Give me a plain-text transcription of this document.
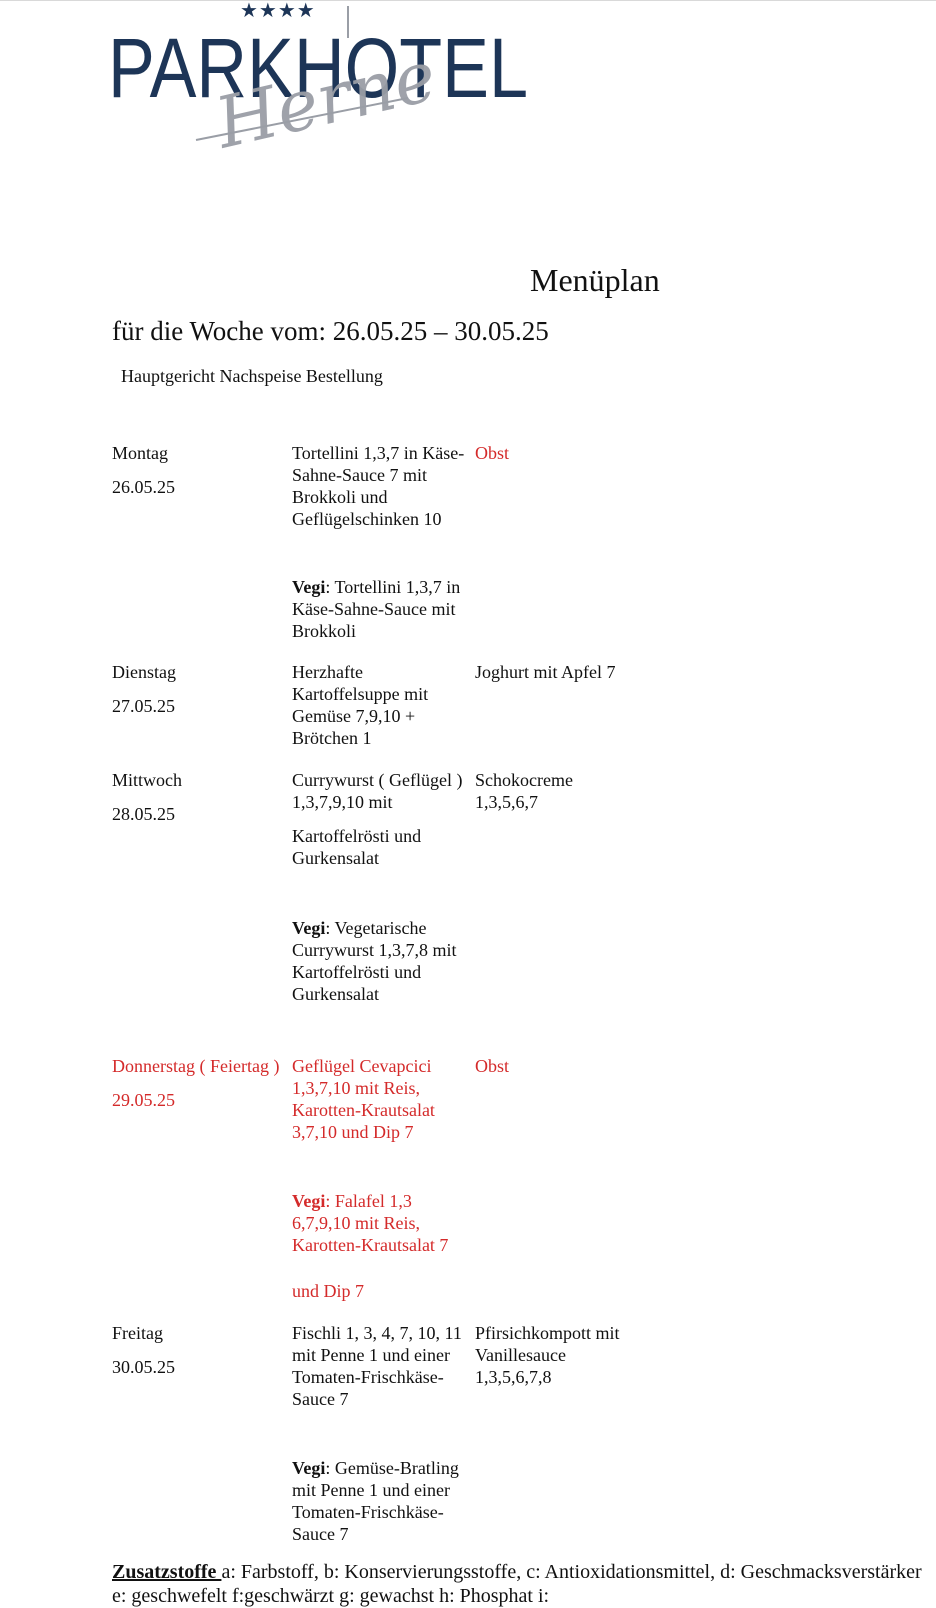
★★★★
PARKHOTEL
Herne
Menüplan
für die Woche vom: 26.05.25 – 30.05.25
Hauptgericht Nachspeise Bestellung
Montag
26.05.25
Tortellini 1,3,7 in Käse-Sahne-Sauce 7 mit Brokkoli und Geflügelschinken 10
Obst
Vegi: Tortellini 1,3,7 in Käse-Sahne-Sauce mit Brokkoli
Dienstag
27.05.25
Herzhafte Kartoffelsuppe mit Gemüse 7,9,10 + Brötchen 1
Joghurt mit Apfel 7
Mittwoch
28.05.25
Currywurst ( Geflügel ) 1,3,7,9,10 mit
Kartoffelrösti und Gurkensalat
Schokocreme 1,3,5,6,7
Vegi: Vegetarische Currywurst 1,3,7,8 mit Kartoffelrösti und Gurkensalat
Donnerstag ( Feiertag )
29.05.25
Geflügel Cevapcici 1,3,7,10 mit Reis, Karotten-Krautsalat 3,7,10 und Dip 7
Obst
Vegi: Falafel 1,3 6,7,9,10 mit Reis, Karotten-Krautsalat 7
und Dip 7
Freitag
30.05.25
Fischli 1, 3, 4, 7, 10, 11 mit Penne 1 und einer Tomaten-Frischkäse-Sauce 7
Pfirsichkompott mit Vanillesauce 1,3,5,6,7,8
Vegi: Gemüse-Bratling mit Penne 1 und einer Tomaten-Frischkäse-Sauce 7
Zusatzstoffe a: Farbstoff, b: Konservierungsstoffe, c: Antioxidationsmittel, d: Geschmacksverstärker e: geschwefelt f:geschwärzt g: gewachst h: Phosphat i:
